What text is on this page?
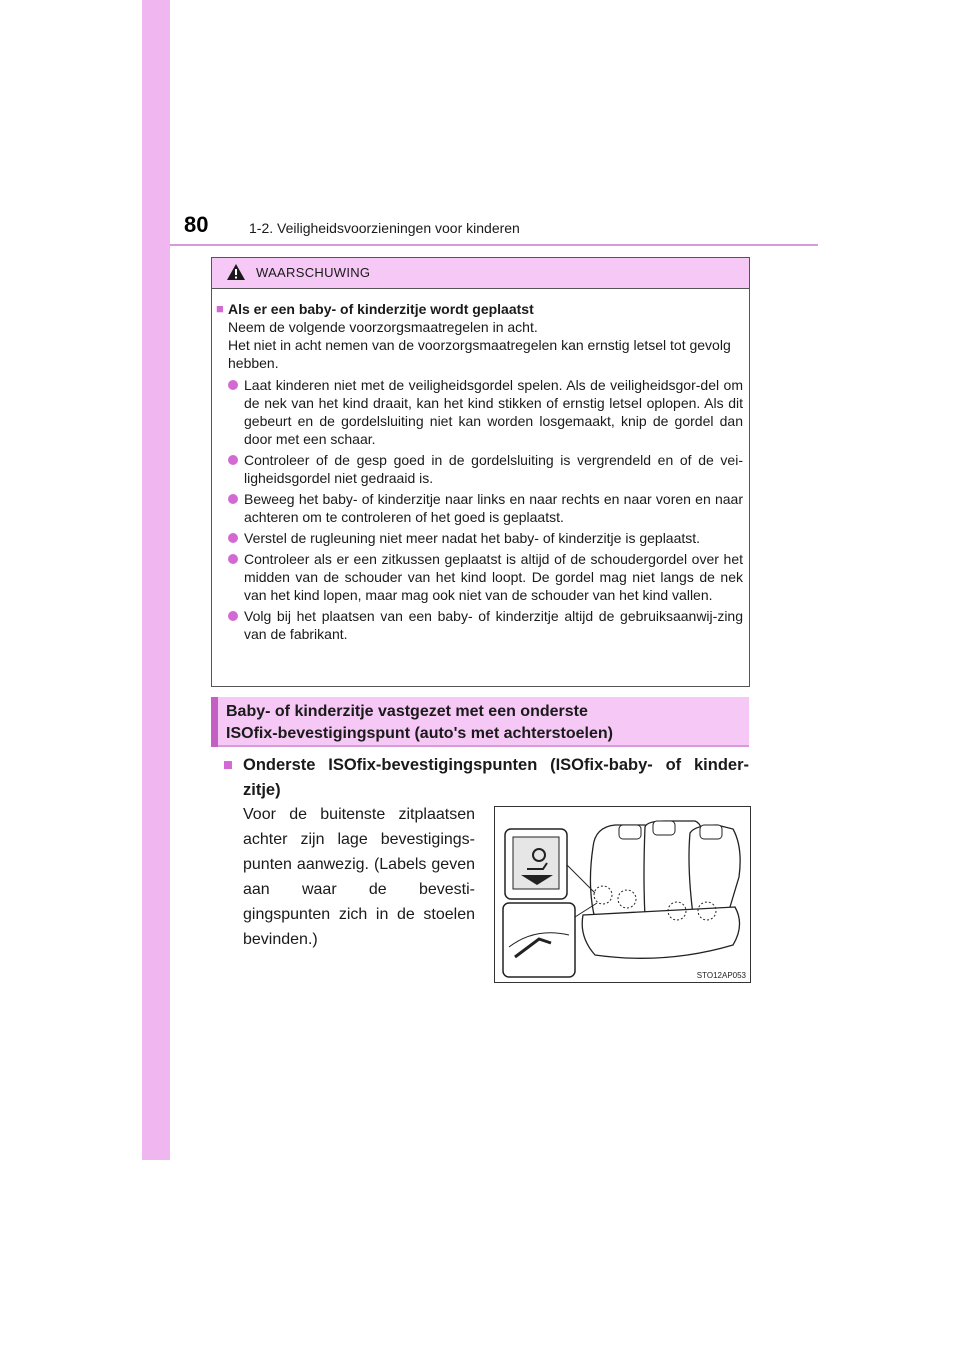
80	1-2. Veiligheidsvoorzieningen voor kinderen
WAARSCHUWING
■ Als er een baby- of kinderzitje wordt geplaatst
Neem de volgende voorzorgsmaatregelen in acht.
Het niet in acht nemen van de voorzorgsmaatregelen kan ernstig letsel tot gevolg hebben.
Laat kinderen niet met de veiligheidsgordel spelen. Als de veiligheidsgor-del om de nek van het kind draait, kan het kind stikken of ernstig letsel oplopen. Als dit gebeurt en de gordelsluiting niet kan worden losgemaakt, knip de gordel dan door met een schaar.
Controleer of de gesp goed in de gordelsluiting is vergrendeld en of de vei-ligheidsgordel niet gedraaid is.
Beweeg het baby- of kinderzitje naar links en naar rechts en naar voren en naar achteren om te controleren of het goed is geplaatst.
Verstel de rugleuning niet meer nadat het baby- of kinderzitje is geplaatst.
Controleer als er een zitkussen geplaatst is altijd of de schoudergordel over het midden van de schouder van het kind loopt. De gordel mag niet langs de nek van het kind lopen, maar mag ook niet van de schouder van het kind vallen.
Volg bij het plaatsen van een baby- of kinderzitje altijd de gebruiksaanwij-zing van de fabrikant.
Baby- of kinderzitje vastgezet met een onderste
ISOfix-bevestigingspunt (auto's met achterstoelen)
■ Onderste ISOfix-bevestigingspunten (ISOfix-baby- of kinder-zitje)
Voor de buitenste zitplaatsen achter zijn lage bevestigings-punten aanwezig. (Labels geven aan waar de bevesti-gingspunten zich in de stoelen bevinden.)
STO12AP053
